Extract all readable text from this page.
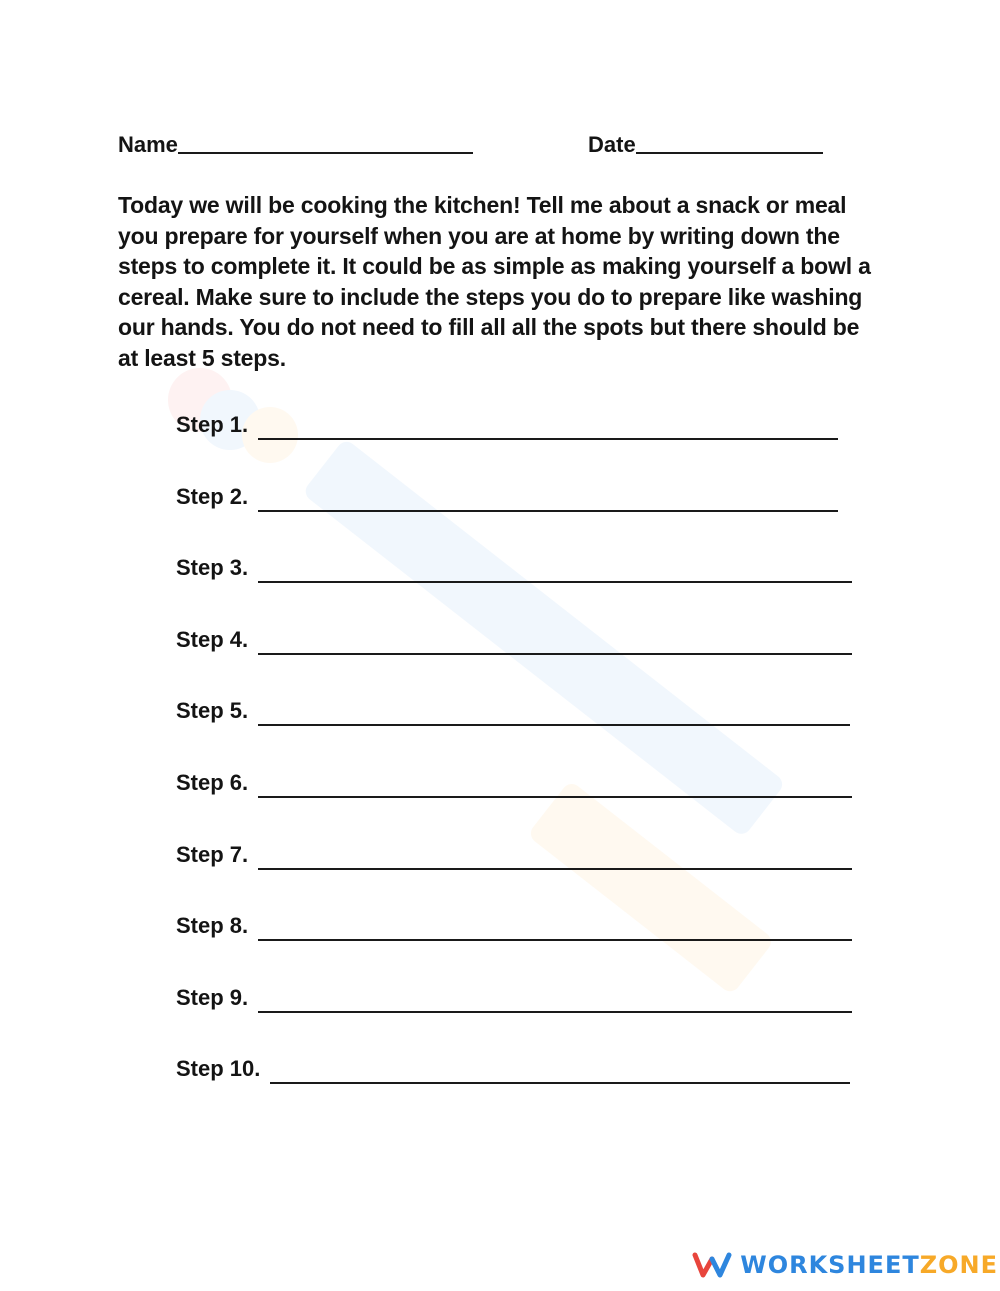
Name	Date

Today we will be cooking the kitchen! Tell me about a snack or meal you prepare for yourself when you are at home by writing down the steps to complete it. It could be as simple as making yourself a bowl a cereal. Make sure to include the steps you do to prepare like washing our hands. You do not need to fill all all the spots but there should be at least 5 steps.

Step 1.
Step 2.
Step 3.
Step 4.
Step 5.
Step 6.
Step 7.
Step 8.
Step 9.
Step 10.
WORKSHEETZONE
